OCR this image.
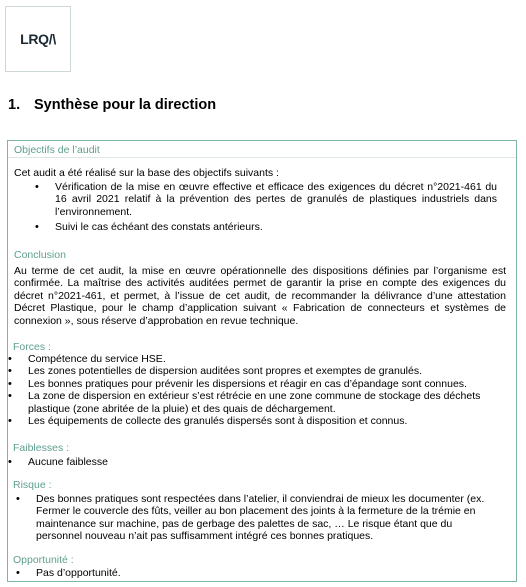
LRQ/\
1. Synthèse pour la direction
Objectifs de l’audit

Cet audit a été réalisé sur la base des objectifs suivants :

• Vérification de la mise en œuvre effective et efficace des exigences du décret n°2021-461 du 16 avril 2021 relatif à la prévention des pertes de granulés de plastiques industriels dans l’environnement.
• Suivi le cas échéant des constats antérieurs.
Conclusion

Au terme de cet audit, la mise en œuvre opérationnelle des dispositions définies par l’organisme est confirmée. La maîtrise des activités auditées permet de garantir la prise en compte des exigences du décret n°2021-461, et permet, à l’issue de cet audit, de recommander la délivrance d’une attestation Décret Plastique, pour le champ d’application suivant « Fabrication de connecteurs et systèmes de connexion », sous réserve d’approbation en revue technique.

Forces :
• Compétence du service HSE.
• Les zones potentielles de dispersion auditées sont propres et exemptes de granulés.
• Les bonnes pratiques pour prévenir les dispersions et réagir en cas d’épandage sont connues.
• La zone de dispersion en extérieur s’est rétrécie en une zone commune de stockage des déchets plastique (zone abritée de la pluie) et des quais de déchargement.
• Les équipements de collecte des granulés dispersés sont à disposition et connus.
Faiblesses :
• Aucune faiblesse
Risque :
• Des bonnes pratiques sont respectées dans l’atelier, il conviendrai de mieux les documenter (ex. Fermer le couvercle des fûts, veiller au bon placement des joints à la fermeture de la trémie en maintenance sur machine, pas de gerbage des palettes de sac, … Le risque étant que du personnel nouveau n’ait pas suffisamment intégré ces bonnes pratiques.
Opportunité :
• Pas d’opportunité.
